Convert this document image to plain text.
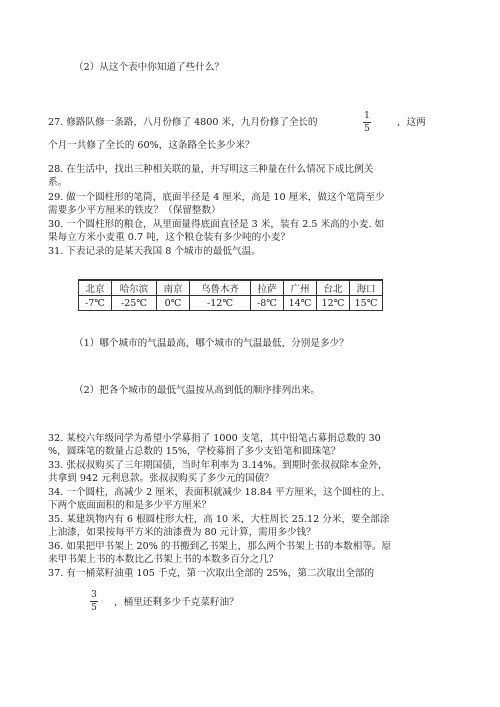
（2）从这个表中你知道了些什么？
27. 修路队修一条路，八月份修了 4800 米，九月份修了全长的
1
5
，这两
个月一共修了全长的 60%，这条路全长多少米？
28. 在生活中，找出三种相关联的量，并写明这三种量在什么情况下成比例关
系。
29. 做一个圆柱形的笔筒，底面半径是 4 厘米，高是 10 厘米，做这个笔筒至少
需要多少平方厘米的铁皮？（保留整数）
30. 一个圆柱形的粮仓，从里面量得底面直径是 3 米，装有 2.5 米高的小麦. 如
果每立方米小麦重 0.7 吨，这个粮仓装有多少吨的小麦？
31. 下表记录的是某天我国 8 个城市的最低气温。
北京	哈尔滨	南京	乌鲁木齐	拉萨	广州	台北	海口
-7℃	-25℃	0℃	-12℃	-8℃	14℃	12℃	15℃
（1）哪个城市的气温最高，哪个城市的气温最低，分别是多少？
（2）把各个城市的最低气温按从高到低的顺序排列出来。
32. 某校六年级同学为希望小学募捐了 1000 支笔，其中铅笔占募捐总数的 30
%，圆珠笔的数量占总数的 15%，学校募捐了多少支铅笔和圆珠笔？
33. 张叔叔购买了三年期国债，当时年利率为 3.14%。到期时张叔叔除本金外，
共拿到 942 元利息款。张叔叔购买了多少元的国债？
34. 一个圆柱，高减少 2 厘米，表面积就减少 18.84 平方厘米，这个圆柱的上、
下两个底面面积的和是多少平方厘米？
35. 某建筑物内有 6 根圆柱形大柱，高 10 米，大柱周长 25.12 分米，要全部涂
上油漆，如果按每平方米的油漆费为 80 元计算，需用多少钱？
36. 如果把甲书架上 20% 的书搬到乙书架上，那么两个书架上书的本数相等。原
来甲书架上书的本数比乙书架上书的本数多百分之几？
37. 有一桶菜籽油重 105 千克，第一次取出全部的 25%，第二次取出全部的
3
5 ，桶里还剩多少千克菜籽油？
